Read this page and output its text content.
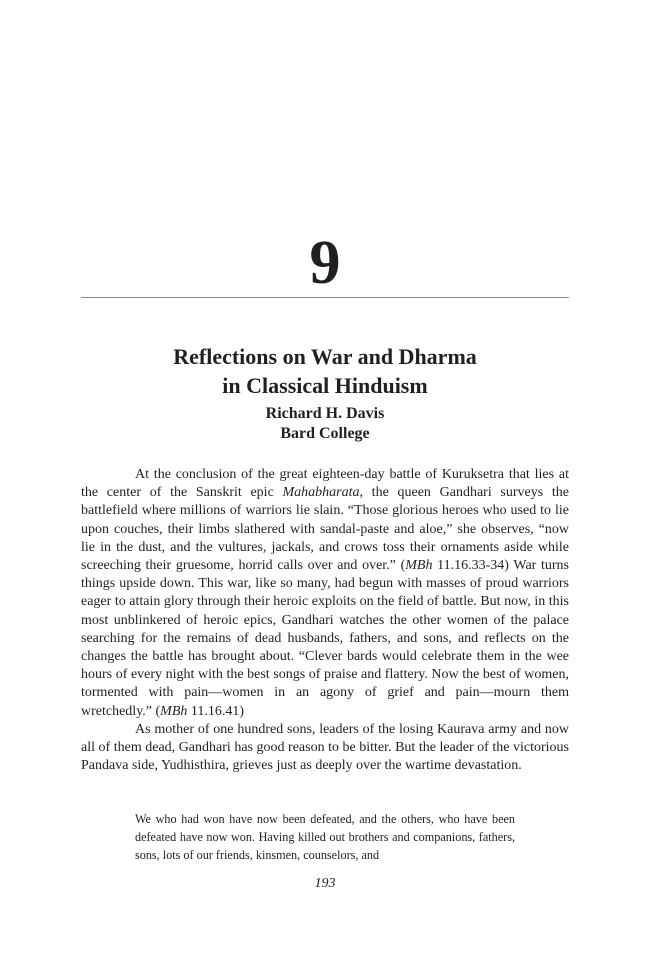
9
Reflections on War and Dharma
in Classical Hinduism
Richard H. Davis
Bard College

At the conclusion of the great eighteen-day battle of Kuruksetra that lies at the center of the Sanskrit epic Mahabharata, the queen Gandhari surveys the battlefield where millions of warriors lie slain. “Those glorious heroes who used to lie upon couches, their limbs slathered with sandal-paste and aloe,” she observes, “now lie in the dust, and the vultures, jackals, and crows toss their ornaments aside while screeching their gruesome, horrid calls over and over.” (MBh 11.16.33-34) War turns things upside down. This war, like so many, had begun with masses of proud warriors eager to attain glory through their heroic exploits on the field of battle. But now, in this most unblinkered of heroic epics, Gandhari watches the other women of the palace searching for the remains of dead husbands, fathers, and sons, and reflects on the changes the battle has brought about. “Clever bards would celebrate them in the wee hours of every night with the best songs of praise and flattery. Now the best of women, tormented with pain—women in an agony of grief and pain—mourn them wretchedly.” (MBh 11.16.41)

As mother of one hundred sons, leaders of the losing Kaurava army and now all of them dead, Gandhari has good reason to be bitter. But the leader of the victorious Pandava side, Yudhisthira, grieves just as deeply over the wartime devastation.

We who had won have now been defeated, and the others, who have been defeated have now won. Having killed out brothers and companions, fathers, sons, lots of our friends, kinsmen, counselors, and

193
